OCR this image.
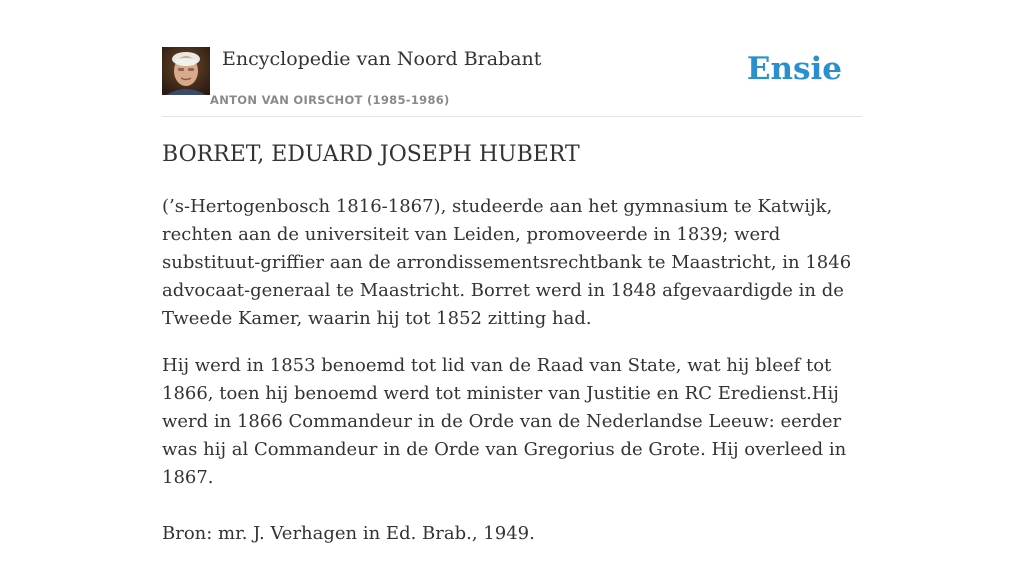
Encyclopedie van Noord Brabant
ANTON VAN OIRSCHOT (1985-1986)
Ensie
BORRET, EDUARD JOSEPH HUBERT

(’s-Hertogenbosch 1816-1867), studeerde aan het gymnasium te Katwijk, rechten aan de universiteit van Leiden, promoveerde in 1839; werd substituut-griffier aan de arrondissementsrechtbank te Maastricht, in 1846 advocaat-generaal te Maastricht. Borret werd in 1848 afgevaardigde in de Tweede Kamer, waarin hij tot 1852 zitting had.

Hij werd in 1853 benoemd tot lid van de Raad van State, wat hij bleef tot 1866, toen hij benoemd werd tot minister van Justitie en RC Eredienst.Hij werd in 1866 Commandeur in de Orde van de Nederlandse Leeuw: eerder was hij al Commandeur in de Orde van Gregorius de Grote. Hij overleed in 1867.

Bron: mr. J. Verhagen in Ed. Brab., 1949.
